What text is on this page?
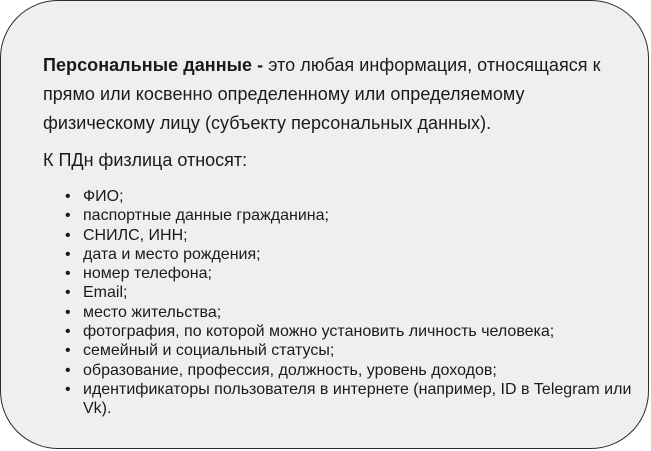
Персональные данные - это любая информация, относящаяся к прямо или косвенно определенному или определяемому физическому лицу (субъекту персональных данных).

К ПДн физлица относят:

• ФИО;
• паспортные данные гражданина;
• СНИЛС, ИНН;
• дата и место рождения;
• номер телефона;
• Email;
• место жительства;
• фотография, по которой можно установить личность человека;
• семейный и социальный статусы;
• образование, профессия, должность, уровень доходов;
• идентификаторы пользователя в интернете (например, ID в Telegram или Vk).
